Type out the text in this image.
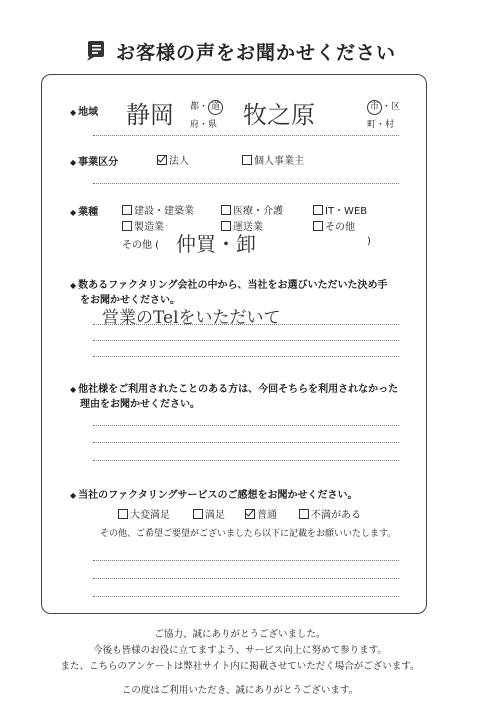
お客様の声をお聞かせください
◆ 地域 静岡 都・ 道
府・県 牧之原	市 ・区
町・村
◆ 事業区分	法人	個人事業主
◆ 業種	建設・建築業	医療・介護	IT・WEB
製造業	運送業	その他
その他 ( 仲買・卸	)
◆ 数あるファクタリング会社の中から、当社をお選びいただいた決め手
をお聞かせください。
営業のTelをいただいて
◆ 他社様をご利用されたことのある方は、今回そちらを利用されなかった
理由をお聞かせください。
◆ 当社のファクタリングサービスのご感想をお聞かせください。
大変満足	満足	普通	不満がある
その他、ご希望ご要望がございましたら以下に記載をお願いいたします。
ご協力、誠にありがとうございました。
今後も皆様のお役に立てますよう、サービス向上に努めて参ります。
また、こちらのアンケートは弊社サイト内に掲載させていただく場合がございます。
この度はご利用いただき、誠にありがとうございます。
